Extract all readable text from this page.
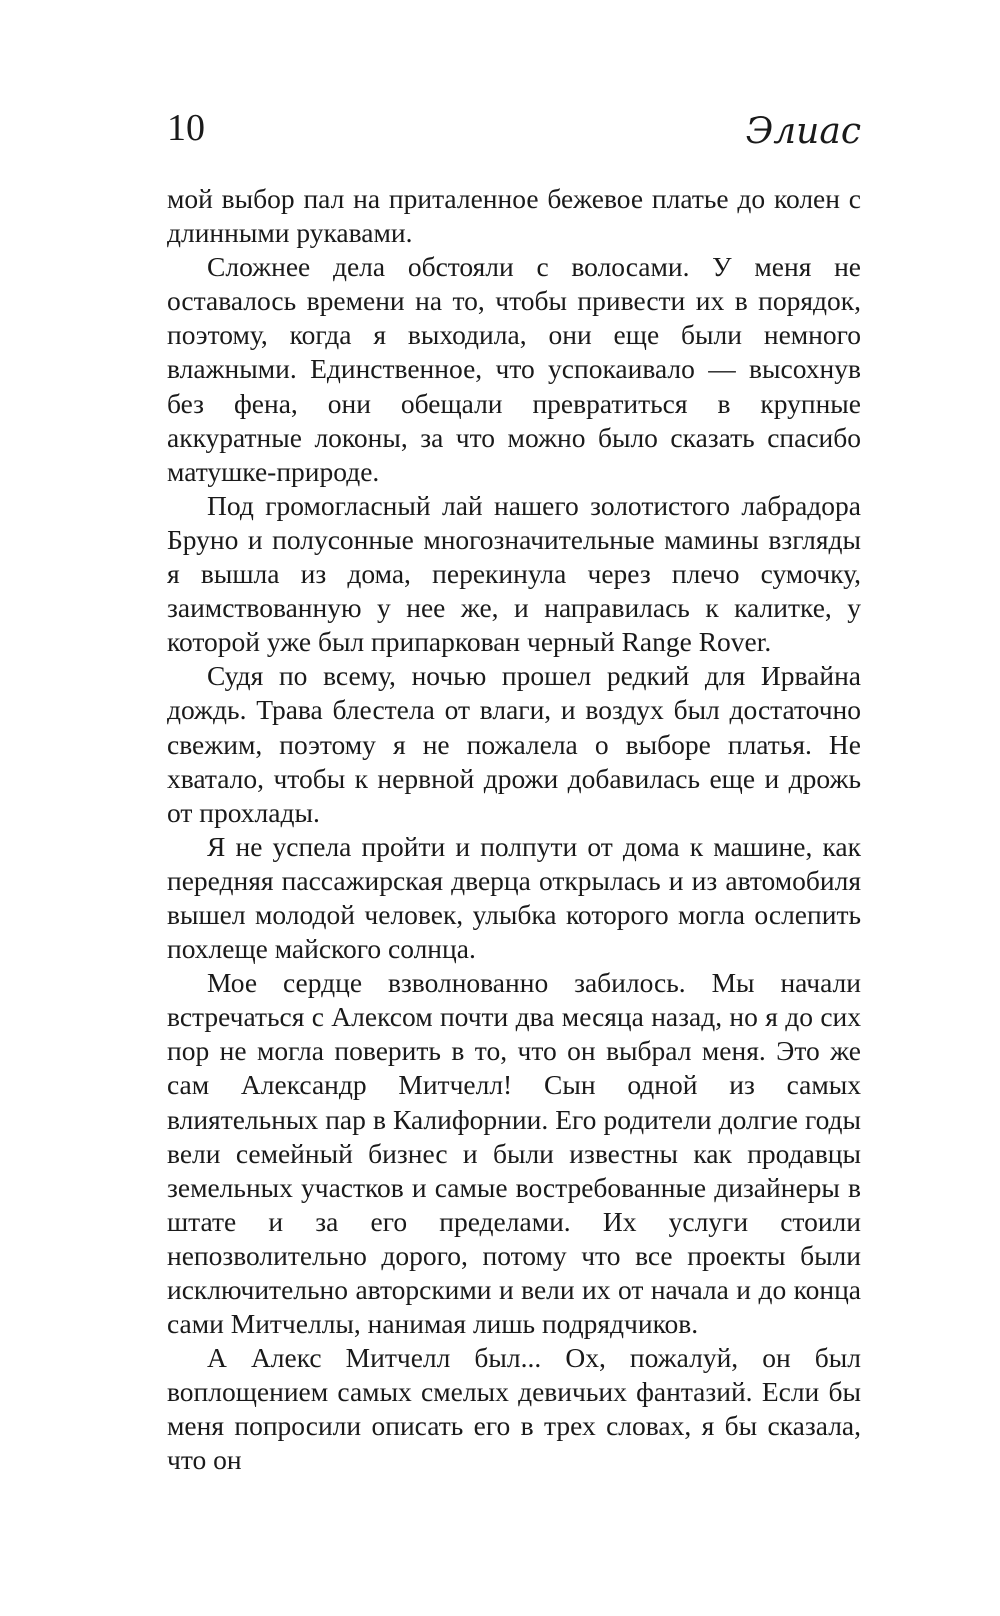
10	Элиас

мой выбор пал на приталенное бежевое платье до колен с длинными рукавами.

Сложнее дела обстояли с волосами. У меня не оставалось времени на то, чтобы привести их в порядок, поэтому, когда я выходила, они еще были немного влажными. Единственное, что успокаивало — высохнув без фена, они обещали превратиться в крупные аккуратные локоны, за что можно было сказать спасибо матушке-природе.

Под громогласный лай нашего золотистого лабрадора Бруно и полусонные многозначительные мамины взгляды я вышла из дома, перекинула через плечо сумочку, заимствованную у нее же, и направилась к калитке, у которой уже был припаркован черный Range Rover.

Судя по всему, ночью прошел редкий для Ирвайна дождь. Трава блестела от влаги, и воздух был достаточно свежим, поэтому я не пожалела о выборе платья. Не хватало, чтобы к нервной дрожи добавилась еще и дрожь от прохлады.

Я не успела пройти и полпути от дома к машине, как передняя пассажирская дверца открылась и из автомобиля вышел молодой человек, улыбка которого могла ослепить похлеще майского солнца.

Мое сердце взволнованно забилось. Мы начали встречаться с Алексом почти два месяца назад, но я до сих пор не могла поверить в то, что он выбрал меня. Это же сам Александр Митчелл! Сын одной из самых влиятельных пар в Калифорнии. Его родители долгие годы вели семейный бизнес и были известны как продавцы земельных участков и самые востребованные дизайнеры в штате и за его пределами. Их услуги стоили непозволительно дорого, потому что все проекты были исключительно авторскими и вели их от начала и до конца сами Митчеллы, нанимая лишь подрядчиков.

А Алекс Митчелл был... Ох, пожалуй, он был воплощением самых смелых девичьих фантазий. Если бы меня попросили описать его в трех словах, я бы сказала, что он
